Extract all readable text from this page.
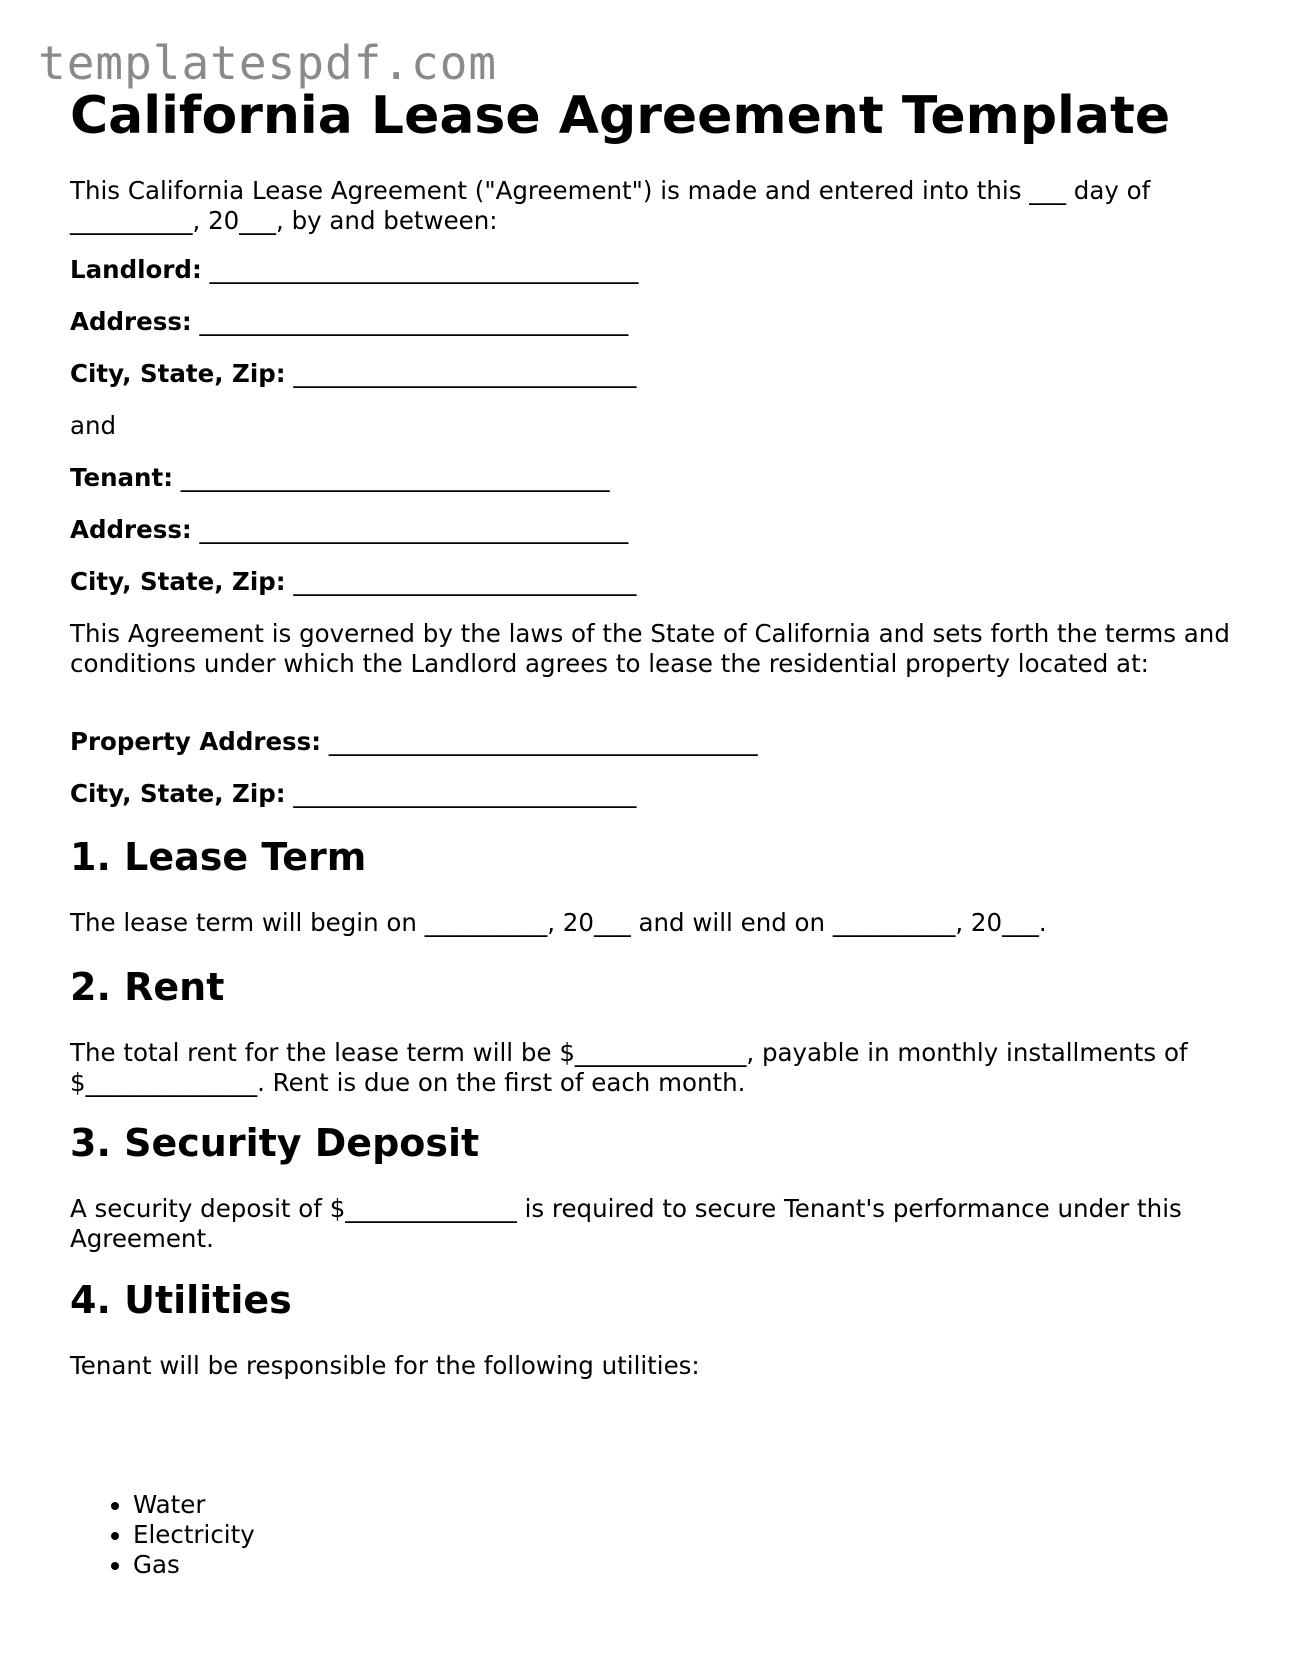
templatespdf.com
California Lease Agreement Template

This California Lease Agreement ("Agreement") is made and entered into this ___ day of __________, 20___, by and between:

Landlord: ___________________________________

Address: ___________________________________

City, State, Zip: ____________________________

and

Tenant: ___________________________________

Address: ___________________________________

City, State, Zip: ____________________________

This Agreement is governed by the laws of the State of California and sets forth the terms and conditions under which the Landlord agrees to lease the residential property located at:

Property Address: ___________________________________

City, State, Zip: ____________________________

1. Lease Term

The lease term will begin on __________, 20___ and will end on __________, 20___.

2. Rent

The total rent for the lease term will be $______________, payable in monthly installments of $______________. Rent is due on the first of each month.

3. Security Deposit

A security deposit of $______________ is required to secure Tenant's performance under this Agreement.

4. Utilities

Tenant will be responsible for the following utilities:

• Water
• Electricity
• Gas
